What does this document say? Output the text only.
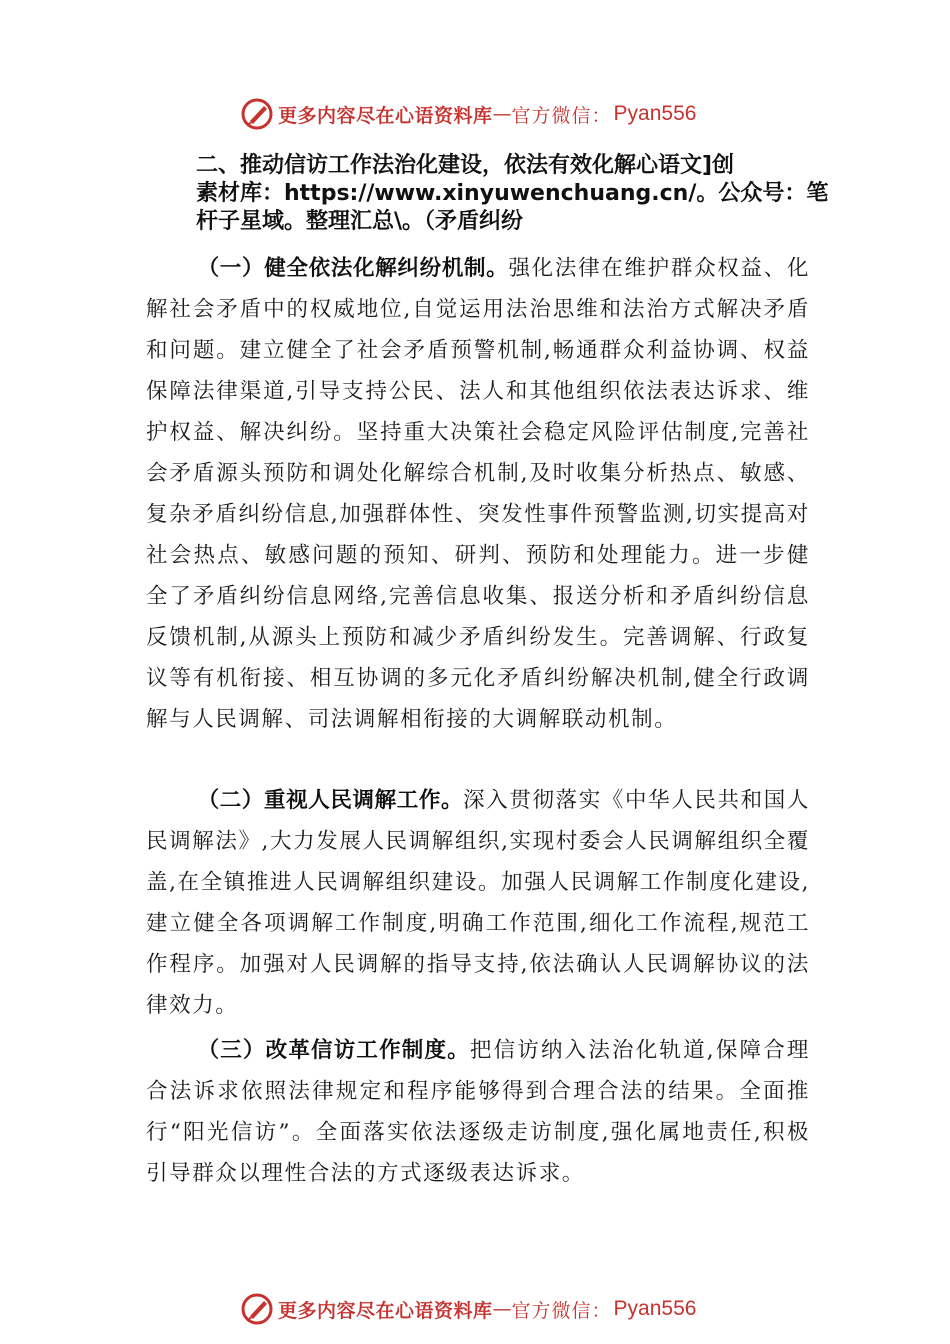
更多内容尽在心语资料库 — 官方微信： Pyan556
二、推动信访工作法治化建设，依法有效化解心语文]创
素材库：https://www.xinyuwenchuang.cn/。公众号：笔
杆子星域。整理汇总\。（矛盾纠纷

（一）健全依法化解纠纷机制。强化法律在维护群众权益、化解社会矛盾中的权威地位,自觉运用法治思维和法治方式解决矛盾和问题。建立健全了社会矛盾预警机制,畅通群众利益协调、权益保障法律渠道,引导支持公民、法人和其他组织依法表达诉求、维护权益、解决纠纷。坚持重大决策社会稳定风险评估制度,完善社会矛盾源头预防和调处化解综合机制,及时收集分析热点、敏感、复杂矛盾纠纷信息,加强群体性、突发性事件预警监测,切实提高对社会热点、敏感问题的预知、研判、预防和处理能力。进一步健全了矛盾纠纷信息网络,完善信息收集、报送分析和矛盾纠纷信息反馈机制,从源头上预防和减少矛盾纠纷发生。完善调解、行政复议等有机衔接、相互协调的多元化矛盾纠纷解决机制,健全行政调解与人民调解、司法调解相衔接的大调解联动机制。

（二）重视人民调解工作。深入贯彻落实《中华人民共和国人民调解法》,大力发展人民调解组织,实现村委会人民调解组织全覆盖,在全镇推进人民调解组织建设。加强人民调解工作制度化建设,建立健全各项调解工作制度,明确工作范围,细化工作流程,规范工作程序。加强对人民调解的指导支持,依法确认人民调解协议的法律效力。

（三）改革信访工作制度。把信访纳入法治化轨道,保障合理合法诉求依照法律规定和程序能够得到合理合法的结果。全面推行“阳光信访”。全面落实依法逐级走访制度,强化属地责任,积极引导群众以理性合法的方式逐级表达诉求。

更多内容尽在心语资料库 — 官方微信： Pyan556
